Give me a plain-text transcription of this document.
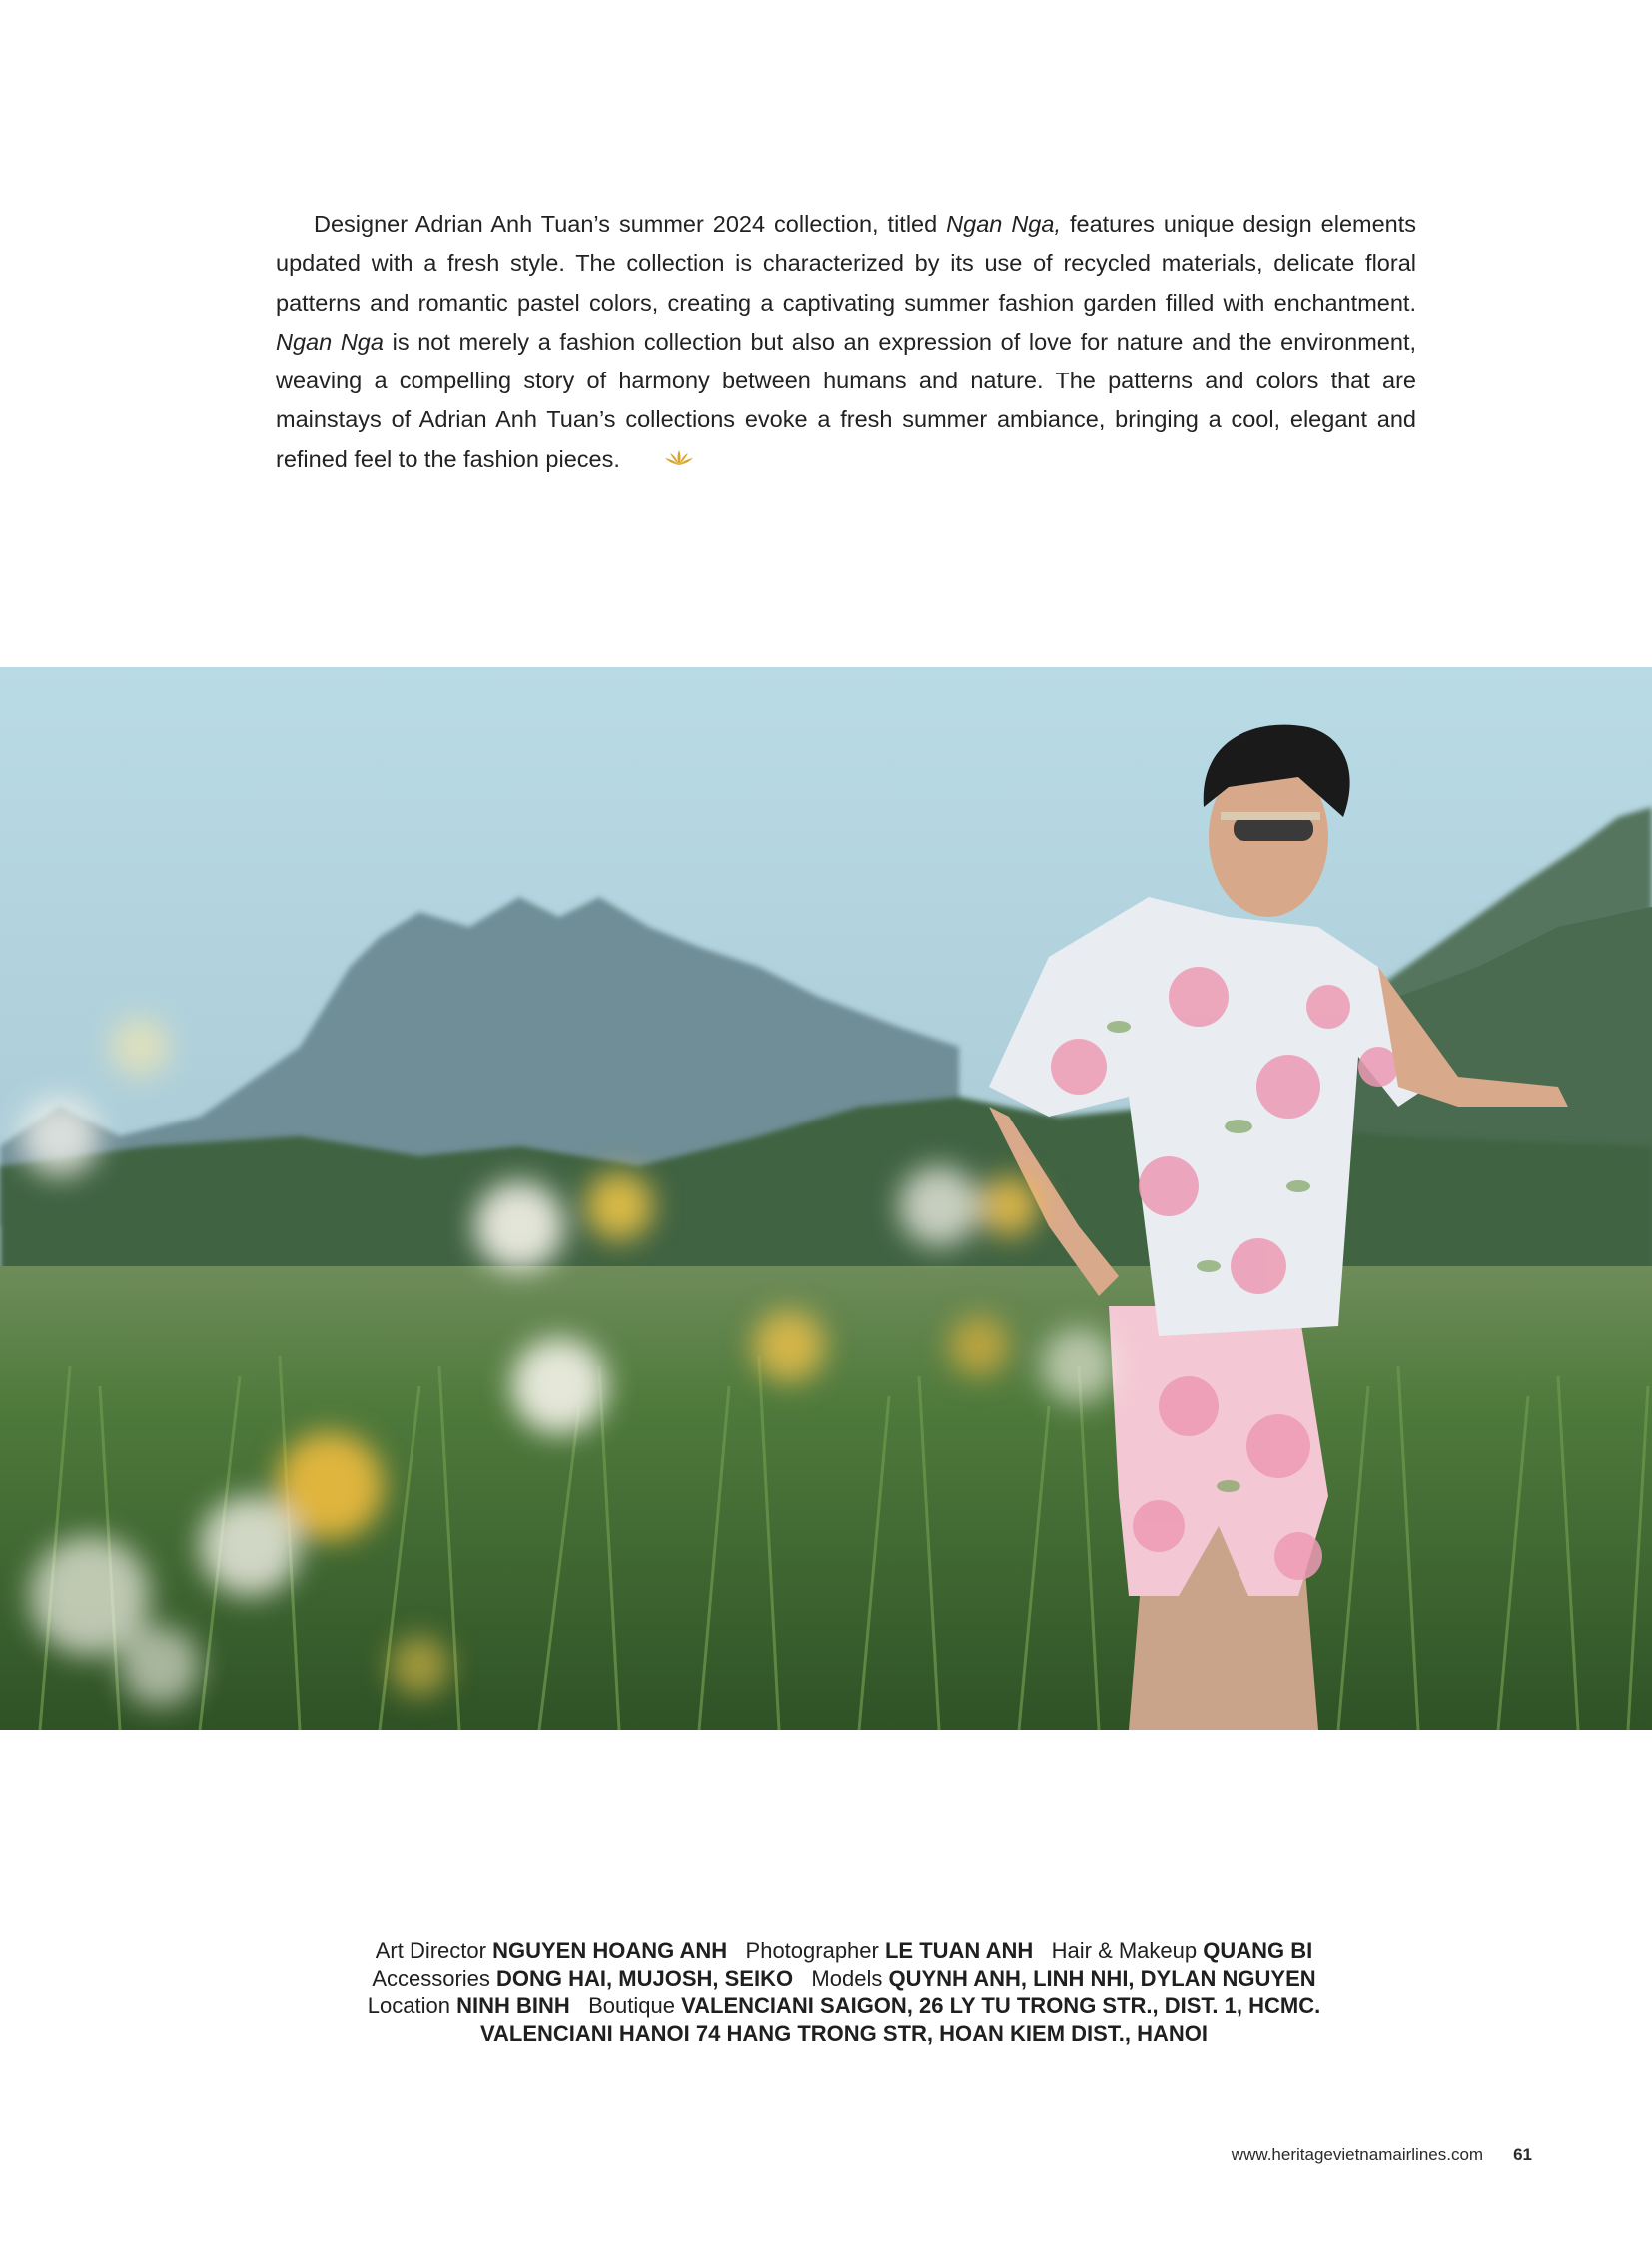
Designer Adrian Anh Tuan’s summer 2024 collection, titled Ngan Nga, features unique design elements updated with a fresh style. The collection is characterized by its use of recycled materials, delicate floral patterns and romantic pastel colors, creating a captivating summer fashion garden filled with enchantment. Ngan Nga is not merely a fashion collection but also an expression of love for nature and the environment, weaving a compelling story of harmony between humans and nature. The patterns and colors that are mainstays of Adrian Anh Tuan’s collections evoke a fresh summer ambiance, bringing a cool, elegant and refined feel to the fashion pieces.

Art Director NGUYEN HOANG ANH Photographer LE TUAN ANH Hair & Makeup QUANG BI
Accessories DONG HAI, MUJOSH, SEIKO Models QUYNH ANH, LINH NHI, DYLAN NGUYEN
Location NINH BINH Boutique VALENCIANI SAIGON, 26 LY TU TRONG STR., DIST. 1, HCMC.
VALENCIANI HANOI 74 HANG TRONG STR, HOAN KIEM DIST., HANOI
www.heritagevietnamairlines.com 61
